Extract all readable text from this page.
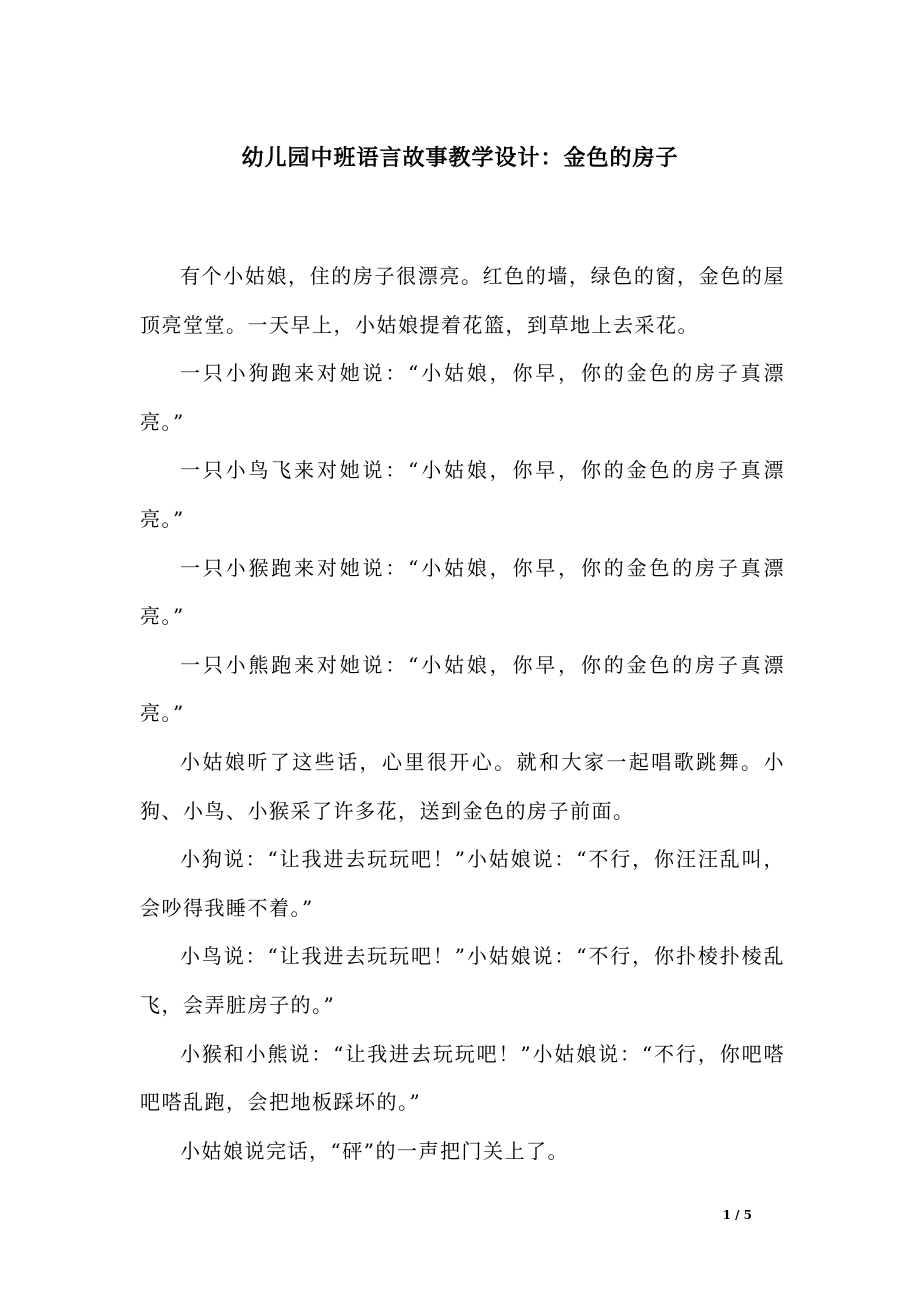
幼儿园中班语言故事教学设计：金色的房子

有个小姑娘，住的房子很漂亮。红色的墙，绿色的窗，金色的屋顶亮堂堂。一天早上，小姑娘提着花篮，到草地上去采花。

一只小狗跑来对她说：“小姑娘，你早，你的金色的房子真漂亮。”

一只小鸟飞来对她说：“小姑娘，你早，你的金色的房子真漂亮。”

一只小猴跑来对她说：“小姑娘，你早，你的金色的房子真漂亮。”

一只小熊跑来对她说：“小姑娘，你早，你的金色的房子真漂亮。”

小姑娘听了这些话，心里很开心。就和大家一起唱歌跳舞。小狗、小鸟、小猴采了许多花，送到金色的房子前面。

小狗说：“让我进去玩玩吧！”小姑娘说：“不行，你汪汪乱叫，会吵得我睡不着。”

小鸟说：“让我进去玩玩吧！”小姑娘说：“不行，你扑棱扑棱乱飞，会弄脏房子的。”

小猴和小熊说：“让我进去玩玩吧！”小姑娘说：“不行，你吧嗒吧嗒乱跑，会把地板踩坏的。”

小姑娘说完话，“砰”的一声把门关上了。

1 / 5
